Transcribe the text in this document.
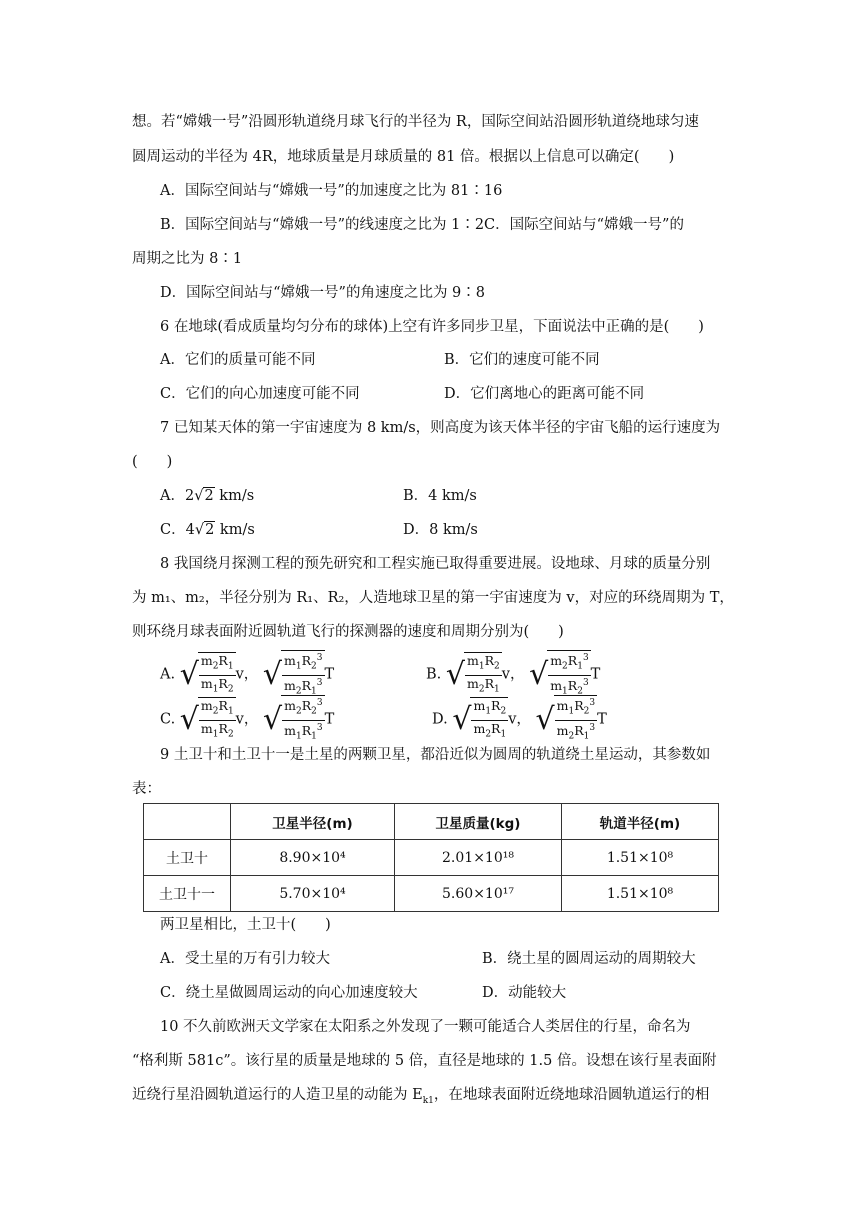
想。若“嫦娥一号”沿圆形轨道绕月球飞行的半径为 R，国际空间站沿圆形轨道绕地球匀速
圆周运动的半径为 4R，地球质量是月球质量的 81 倍。根据以上信息可以确定(　　)
A．国际空间站与“嫦娥一号”的加速度之比为 81∶16
B．国际空间站与“嫦娥一号”的线速度之比为 1∶2C．国际空间站与“嫦娥一号”的
周期之比为 8∶1
D．国际空间站与“嫦娥一号”的角速度之比为 9∶8
6 在地球(看成质量均匀分布的球体)上空有许多同步卫星，下面说法中正确的是(　　)
A．它们的质量可能不同	B．它们的速度可能不同
C．它们的向心加速度可能不同	D．它们离地心的距离可能不同
7 已知某天体的第一宇宙速度为 8 km/s，则高度为该天体半径的宇宙飞船的运行速度为
(　　)
A．2√2 km/s	B．4 km/s
C．4√2 km/s	D．8 km/s
8 我国绕月探测工程的预先研究和工程实施已取得重要进展。设地球、月球的质量分别
为 m₁、m₂，半径分别为 R₁、R₂，人造地球卫星的第一宇宙速度为 v，对应的环绕周期为 T，
则环绕月球表面附近圆轨道飞行的探测器的速度和周期分别为(　　)
A. √ $\frac{m_2R_1}{m_1R_2}$ v， √ $\frac{m_1R_2^3}{m_2R_1^3}$ T	B. √ $\frac{m_1R_2}{m_2R_1}$ v， √ $\frac{m_2R_1^3}{m_1R_2^3}$ T
C. √ $\frac{m_2R_1}{m_1R_2}$ v， √ $\frac{m_2R_2^3}{m_1R_1^3}$ T	D. √ $\frac{m_1R_2}{m_2R_1}$ v， √ $\frac{m_1R_2^3}{m_2R_1^3}$ T
9 土卫十和土卫十一是土星的两颗卫星，都沿近似为圆周的轨道绕土星运动，其参数如
表：
	卫星半径(m)	卫星质量(kg)	轨道半径(m)
土卫十	8.90×10⁴	2.01×10¹⁸	1.51×10⁸
土卫十一	5.70×10⁴	5.60×10¹⁷	1.51×10⁸
两卫星相比，土卫十(　　)
A．受土星的万有引力较大	B．绕土星的圆周运动的周期较大
C．绕土星做圆周运动的向心加速度较大	D．动能较大
10 不久前欧洲天文学家在太阳系之外发现了一颗可能适合人类居住的行星，命名为
“格利斯 581c”。该行星的质量是地球的 5 倍，直径是地球的 1.5 倍。设想在该行星表面附
近绕行星沿圆轨道运行的人造卫星的动能为 $E_{k1}$，在地球表面附近绕地球沿圆轨道运行的相
